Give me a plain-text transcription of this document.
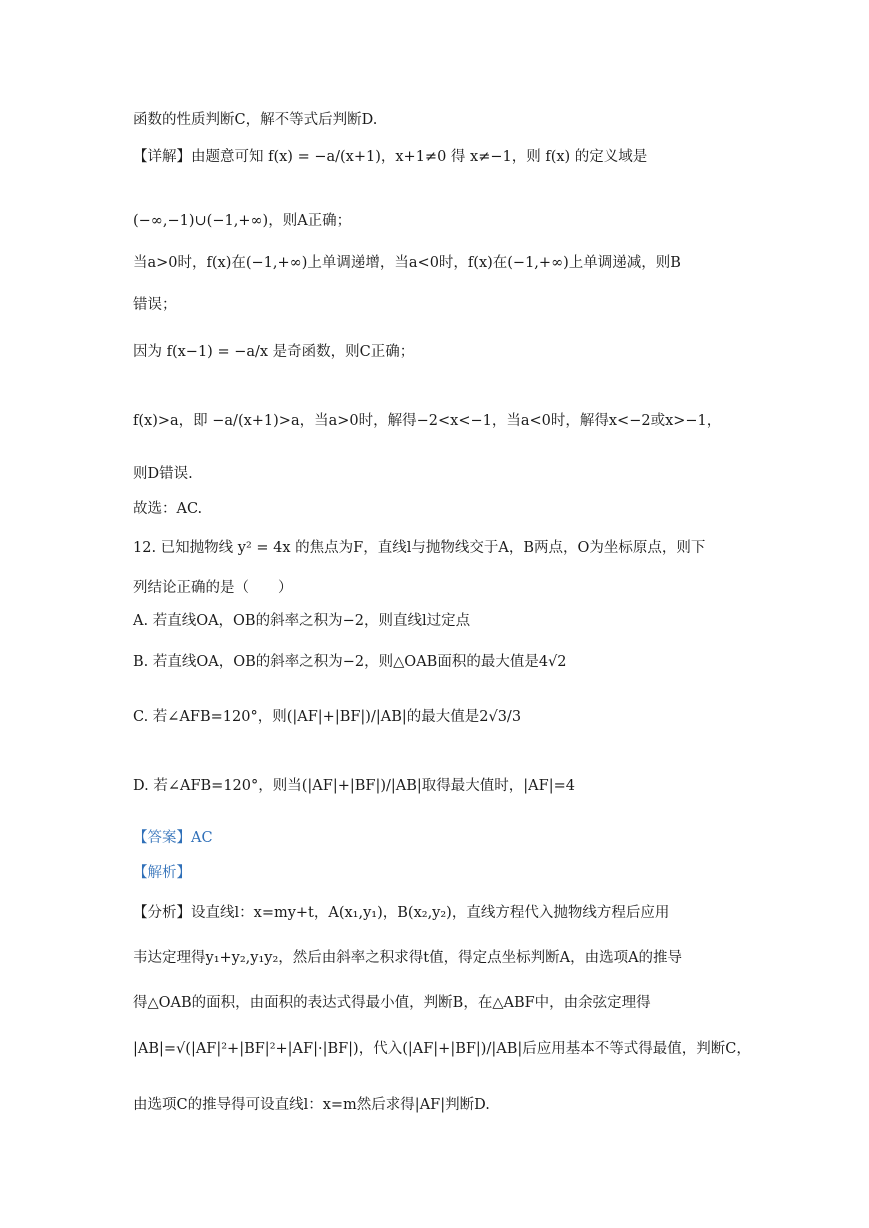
函数的性质判断C，解不等式后判断D.
【详解】由题意可知 f(x) = −a/(x+1)，x+1≠0 得 x≠−1，则 f(x) 的定义域是
(−∞,−1)∪(−1,+∞)，则A正确；
当a>0时，f(x)在(−1,+∞)上单调递增，当a<0时，f(x)在(−1,+∞)上单调递减，则B
错误；
因为 f(x−1) = −a/x 是奇函数，则C正确；
f(x)>a，即 −a/(x+1)>a，当a>0时，解得−2<x<−1，当a<0时，解得x<−2或x>−1，
则D错误.
故选：AC.
12. 已知抛物线 y² = 4x 的焦点为F，直线l与抛物线交于A，B两点，O为坐标原点，则下
列结论正确的是（　　）
A. 若直线OA，OB的斜率之积为−2，则直线l过定点
B. 若直线OA，OB的斜率之积为−2，则△OAB面积的最大值是4√2
C. 若∠AFB=120°，则(|AF|+|BF|)/|AB|的最大值是2√3/3
D. 若∠AFB=120°，则当(|AF|+|BF|)/|AB|取得最大值时，|AF|=4
【答案】AC
【解析】
【分析】设直线l：x=my+t，A(x₁,y₁)，B(x₂,y₂)，直线方程代入抛物线方程后应用
韦达定理得y₁+y₂,y₁y₂，然后由斜率之积求得t值，得定点坐标判断A，由选项A的推导
得△OAB的面积，由面积的表达式得最小值，判断B，在△ABF中，由余弦定理得
|AB|=√(|AF|²+|BF|²+|AF|·|BF|)，代入(|AF|+|BF|)/|AB|后应用基本不等式得最值，判断C，
由选项C的推导得可设直线l：x=m然后求得|AF|判断D.
